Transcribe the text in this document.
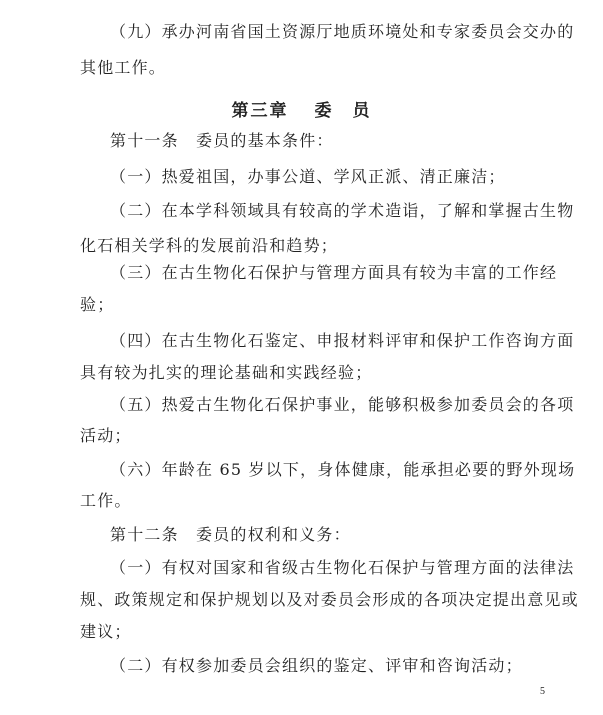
（九）承办河南省国土资源厅地质环境处和专家委员会交办的
其他工作。
第三章 委　员
第十一条　委员的基本条件：
（一）热爱祖国，办事公道、学风正派、清正廉洁；
（二）在本学科领域具有较高的学术造诣，了解和掌握古生物
化石相关学科的发展前沿和趋势；
（三）在古生物化石保护与管理方面具有较为丰富的工作经
验；
（四）在古生物化石鉴定、申报材料评审和保护工作咨询方面
具有较为扎实的理论基础和实践经验；
（五）热爱古生物化石保护事业，能够积极参加委员会的各项
活动；
（六）年龄在 65 岁以下，身体健康，能承担必要的野外现场
工作。
第十二条　委员的权利和义务：
（一）有权对国家和省级古生物化石保护与管理方面的法律法
规、政策规定和保护规划以及对委员会形成的各项决定提出意见或
建议；
（二）有权参加委员会组织的鉴定、评审和咨询活动；
5
